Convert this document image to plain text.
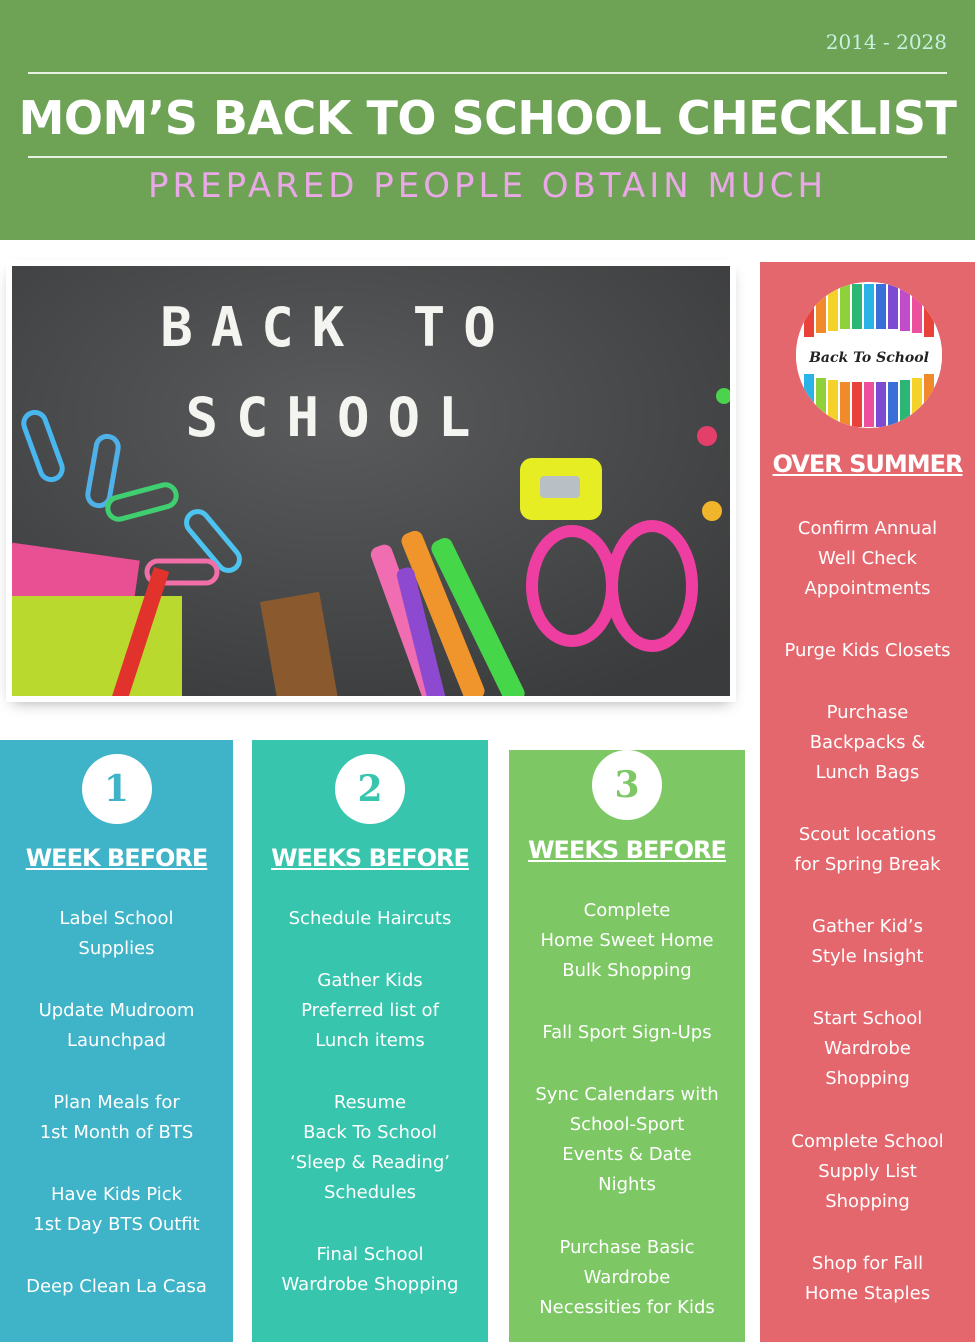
2014 - 2028
MOM’S BACK TO SCHOOL CHECKLIST
PREPARED PEOPLE OBTAIN MUCH
BACK TO
SCHOOL
1
WEEK BEFORE
Label School
Supplies
Update Mudroom
Launchpad
Plan Meals for
1st Month of BTS
Have Kids Pick
1st Day BTS Outfit
Deep Clean La Casa
2
WEEKS BEFORE
Schedule Haircuts
Gather Kids
Preferred list of
Lunch items
Resume
Back To School
‘Sleep & Reading’
Schedules
Final School
Wardrobe Shopping
3
WEEKS BEFORE
Complete
Home Sweet Home
Bulk Shopping
Fall Sport Sign-Ups
Sync Calendars with
School-Sport
Events & Date
Nights
Purchase Basic
Wardrobe
Necessities for Kids
Back To School
OVER SUMMER
Confirm Annual
Well Check
Appointments
Purge Kids Closets
Purchase
Backpacks &
Lunch Bags
Scout locations
for Spring Break
Gather Kid’s
Style Insight
Start School
Wardrobe
Shopping
Complete School
Supply List
Shopping
Shop for Fall
Home Staples
